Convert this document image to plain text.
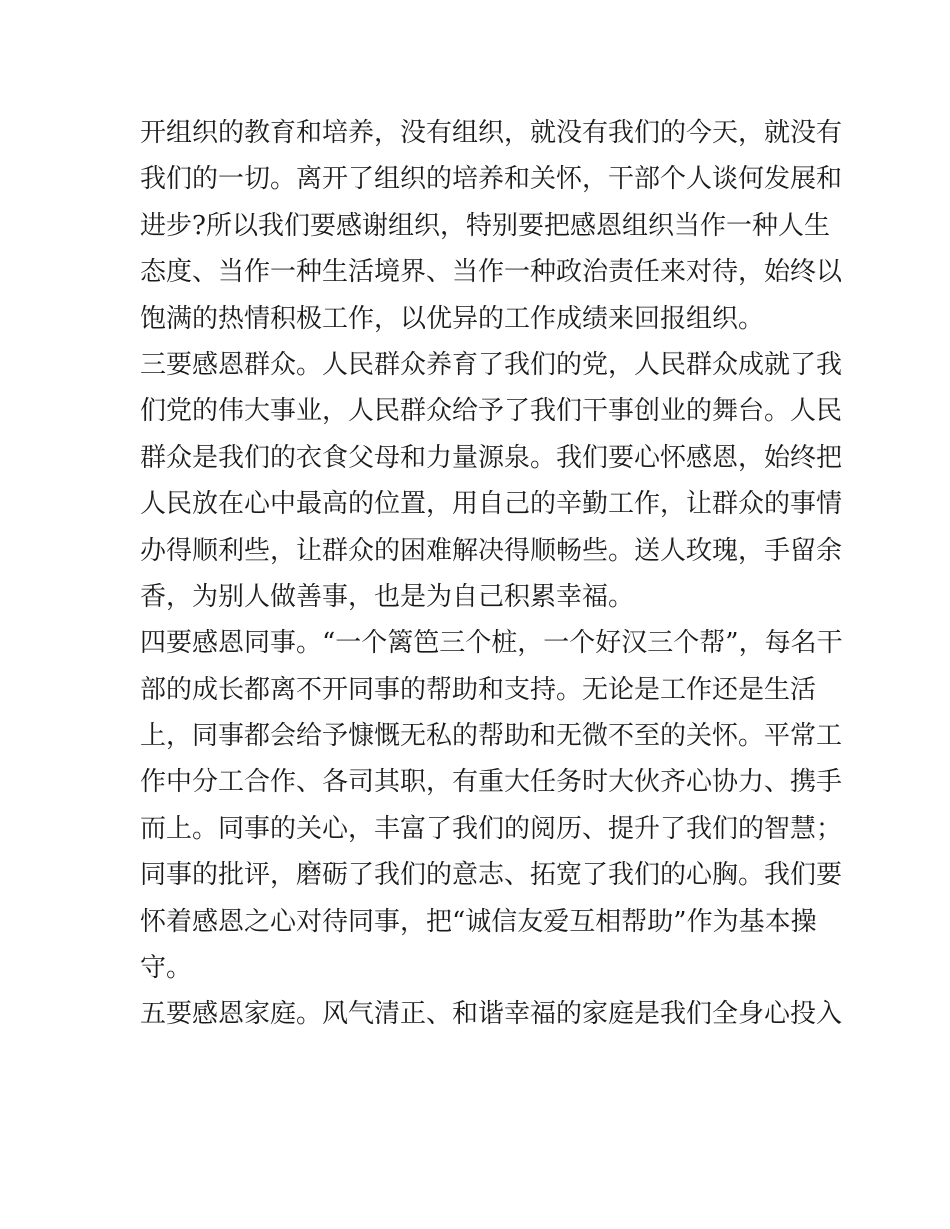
开组织的教育和培养，没有组织，就没有我们的今天，就没有
我们的一切。离开了组织的培养和关怀，干部个人谈何发展和
进步?所以我们要感谢组织，特别要把感恩组织当作一种人生
态度、当作一种生活境界、当作一种政治责任来对待，始终以
饱满的热情积极工作，以优异的工作成绩来回报组织。
三要感恩群众。人民群众养育了我们的党，人民群众成就了我
们党的伟大事业，人民群众给予了我们干事创业的舞台。人民
群众是我们的衣食父母和力量源泉。我们要心怀感恩，始终把
人民放在心中最高的位置，用自己的辛勤工作，让群众的事情
办得顺利些，让群众的困难解决得顺畅些。送人玫瑰，手留余
香，为别人做善事，也是为自己积累幸福。
四要感恩同事。“一个篱笆三个桩，一个好汉三个帮”，每名干
部的成长都离不开同事的帮助和支持。无论是工作还是生活
上，同事都会给予慷慨无私的帮助和无微不至的关怀。平常工
作中分工合作、各司其职，有重大任务时大伙齐心协力、携手
而上。同事的关心，丰富了我们的阅历、提升了我们的智慧；
同事的批评，磨砺了我们的意志、拓宽了我们的心胸。我们要
怀着感恩之心对待同事，把“诚信友爱互相帮助”作为基本操
守。
五要感恩家庭。风气清正、和谐幸福的家庭是我们全身心投入
